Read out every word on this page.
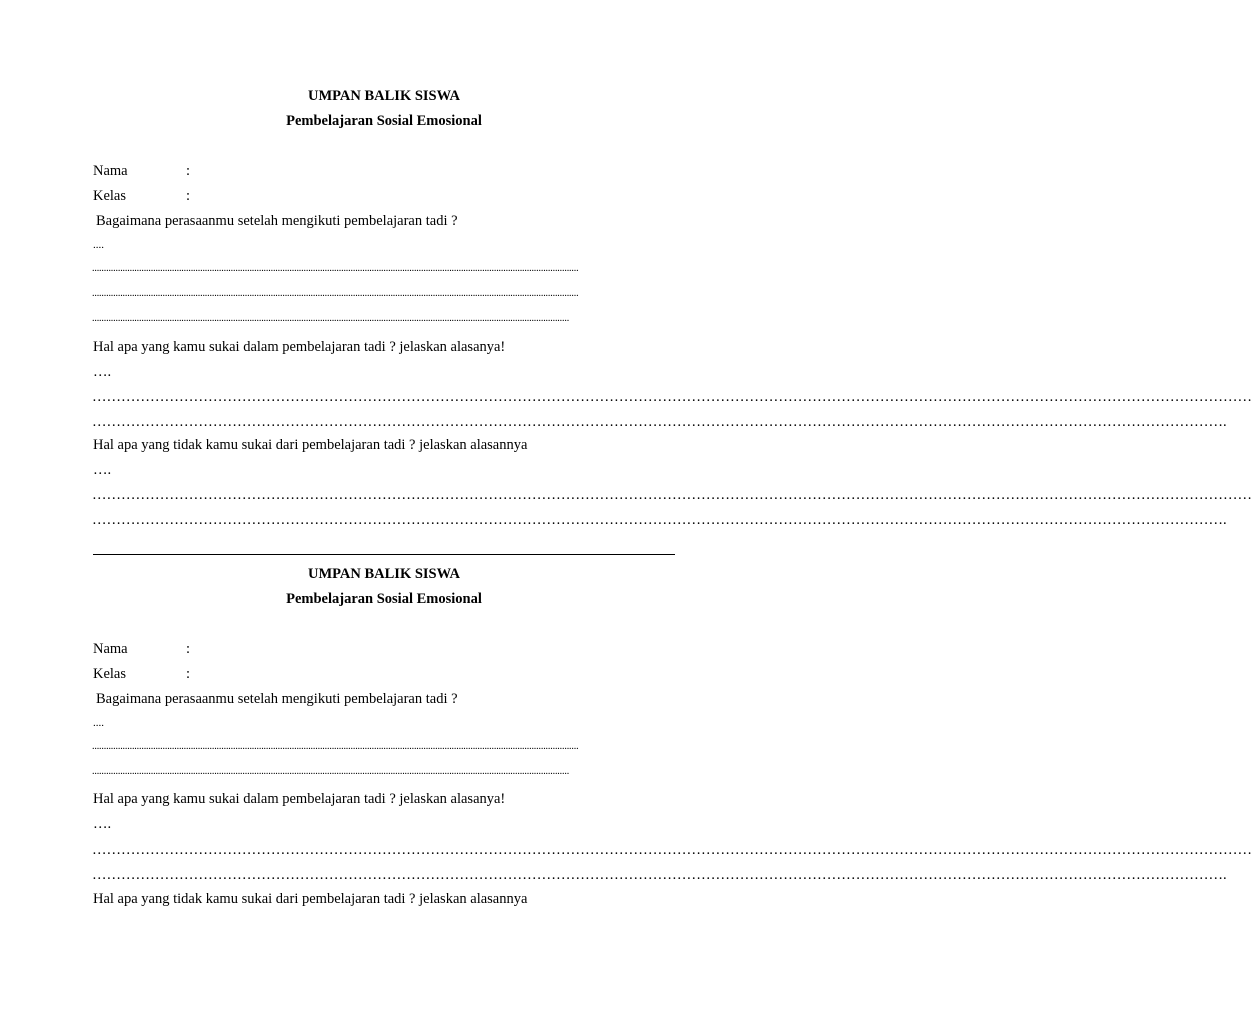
UMPAN BALIK SISWA
Pembelajaran Sosial Emosional
Nama	:
Kelas	:
Bagaimana perasaanmu setelah mengikuti pembelajaran tadi ?
....
...............................................................................................................................................................................................................
...............................................................................................................................................................................................................
...........................................................................................................................................................................................................
Hal apa yang kamu sukai dalam pembelajaran tadi ? jelaskan alasanya!
….
……………………………………………………………………………………………………………………………………………………………………………………………………………………
……………………………………………………………………………………………………………………………………………………………………………………………………………….
Hal apa yang tidak kamu sukai dari pembelajaran tadi ? jelaskan alasannya
….
……………………………………………………………………………………………………………………………………………………………………………………………………………………
……………………………………………………………………………………………………………………………………………………………………………………………………………….
UMPAN BALIK SISWA
Pembelajaran Sosial Emosional
Nama	:
Kelas	:
Bagaimana perasaanmu setelah mengikuti pembelajaran tadi ?
....
...............................................................................................................................................................................................................
...........................................................................................................................................................................................................
Hal apa yang kamu sukai dalam pembelajaran tadi ? jelaskan alasanya!
….
……………………………………………………………………………………………………………………………………………………………………………………………………………………
……………………………………………………………………………………………………………………………………………………………………………………………………………….
Hal apa yang tidak kamu sukai dari pembelajaran tadi ? jelaskan alasannya
